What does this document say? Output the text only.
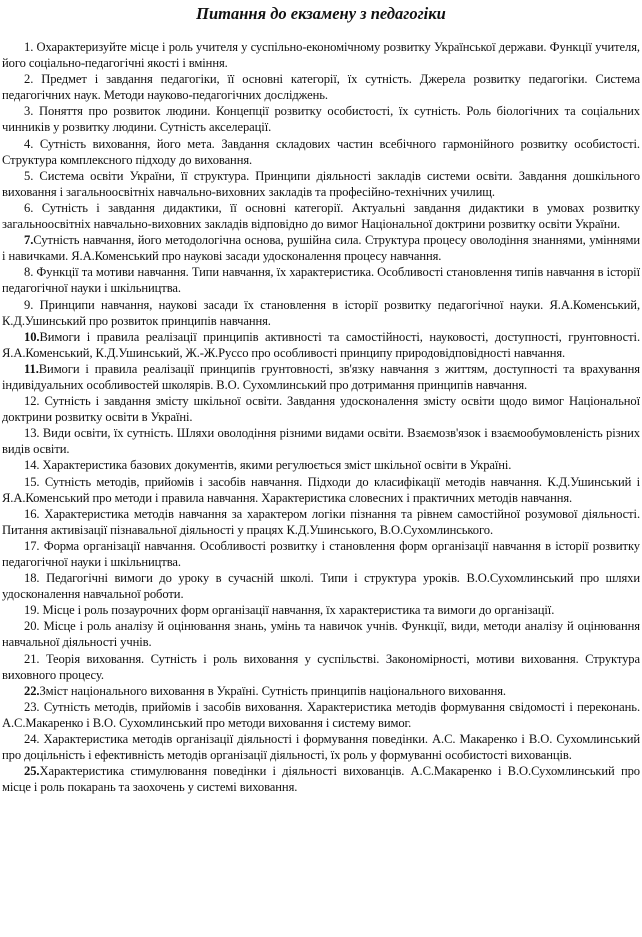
Питання до екзамену з педагогіки

1. Охарактеризуйте місце і роль учителя у суспільно-економічному розвитку Української держави. Функції учителя, його соціально-педагогічні якості і вміння.

2. Предмет і завдання педагогіки, її основні категорії, їх сутність. Джерела розвитку педагогіки. Система педагогічних наук. Методи науково-педагогічних досліджень.

3. Поняття про розвиток людини. Концепції розвитку особистості, їх сутність. Роль біологічних та соціальних чинників у розвитку людини. Сутність акселерації.

4. Сутність виховання, його мета. Завдання складових частин всебічного гармонійного розвитку особистості. Структура комплексного підходу до виховання.

5. Система освіти України, її структура. Принципи діяльності закладів системи освіти. Завдання дошкільного виховання і загальноосвітніх навчально-виховних закладів та професійно-технічних училищ.

6. Сутність і завдання дидактики, її основні категорії. Актуальні завдання дидактики в умовах розвитку загальноосвітніх навчально-виховних закладів відповідно до вимог Національної доктрини розвитку освіти України.

7.Сутність навчання, його методологічна основа, рушійна сила. Структура процесу оволодіння знаннями, уміннями і навичками. Я.А.Коменський про наукові засади удосконалення процесу навчання.

8. Функції та мотиви навчання. Типи навчання, їх характеристика. Особливості становлення типів навчання в історії педагогічної науки і шкільництва.

9. Принципи навчання, наукові засади їх становлення в історії розвитку педагогічної науки. Я.А.Коменський, К.Д.Ушинський про розвиток принципів навчання.

10.Вимоги і правила реалізації принципів активності та самостійності, науковості, доступності, грунтовності. Я.А.Коменський, К.Д.Ушинський, Ж.-Ж.Руссо про особливості принципу природовідповідності навчання.

11.Вимоги і правила реалізації принципів грунтовності, зв'язку навчання з життям, доступності та врахування індивідуальних особливостей школярів. В.О. Сухомлинський про дотримання принципів навчання.

12. Сутність і завдання змісту шкільної освіти. Завдання удосконалення змісту освіти щодо вимог Національної доктрини розвитку освіти в Україні.

13. Види освіти, їх сутність. Шляхи оволодіння різними видами освіти. Взаємозв'язок і взаємообумовленість різних видів освіти.

14. Характеристика базових документів, якими регулюється зміст шкільної освіти в Україні.

15. Сутність методів, прийомів і засобів навчання. Підходи до класифікації методів навчання. К.Д.Ушинський і Я.А.Коменський про методи і правила навчання. Характеристика словесних і практичних методів навчання.

16. Характеристика методів навчання за характером логіки пізнання та рівнем самостійної розумової діяльності. Питання активізації пізнавальної діяльності у працях К.Д.Ушинського, В.О.Сухомлинського.

17. Форма організації навчання. Особливості розвитку і становлення форм організації навчання в історії розвитку педагогічної науки і шкільництва.

18. Педагогічні вимоги до уроку в сучасній школі. Типи і структура уроків. В.О.Сухомлинський про шляхи удосконалення навчальної роботи.

19. Місце і роль позаурочних форм організації навчання, їх характеристика та вимоги до організації.

20. Місце і роль аналізу й оцінювання знань, умінь та навичок учнів. Функції, види, методи аналізу й оцінювання навчальної діяльності учнів.

21. Теорія виховання. Сутність і роль виховання у суспільстві. Закономірності, мотиви виховання. Структура виховного процесу.

22.Зміст національного виховання в Україні. Сутність принципів національного виховання.

23. Сутність методів, прийомів і засобів виховання. Характеристика методів формування свідомості і переконань. А.С.Макаренко і В.О. Сухомлинський про методи виховання і систему вимог.

24. Характеристика методів організації діяльності і формування поведінки. А.С. Макаренко і В.О. Сухомлинський про доцільність і ефективність методів організації діяльності, їх роль у формуванні особистості вихованців.

25.Характеристика стимулювання поведінки і діяльності вихованців. А.С.Макаренко і В.О.Сухомлинський про місце і роль покарань та заохочень у системі виховання.
